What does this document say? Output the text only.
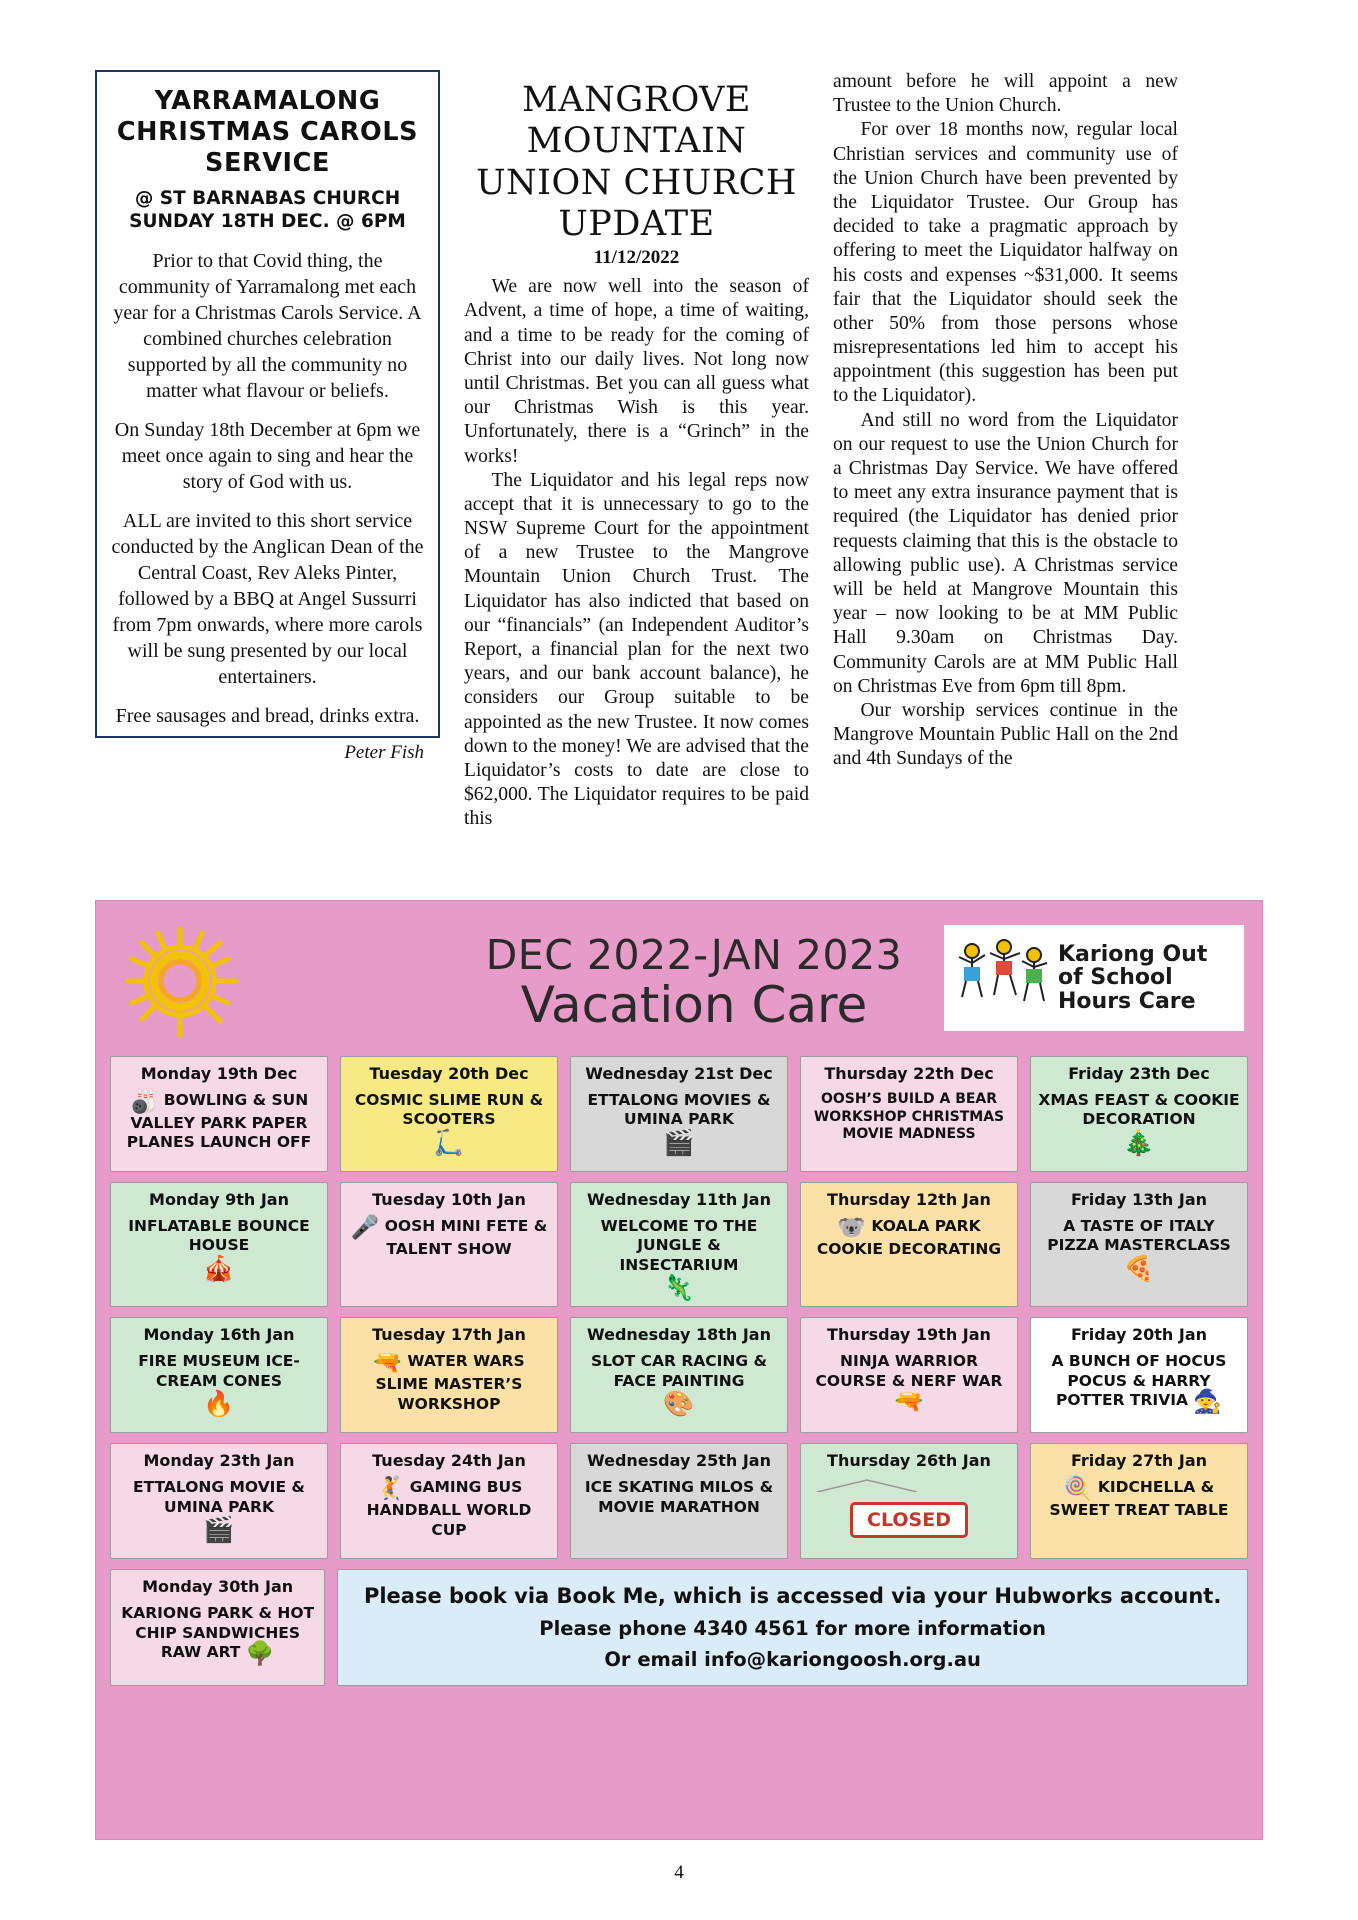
YARRAMALONG CHRISTMAS CAROLS SERVICE
@ ST BARNABAS CHURCH SUNDAY 18TH DEC. @ 6PM

Prior to that Covid thing, the community of Yarramalong met each year for a Christmas Carols Service. A combined churches celebration supported by all the community no matter what flavour or beliefs.

On Sunday 18th December at 6pm we meet once again to sing and hear the story of God with us.

ALL are invited to this short service conducted by the Anglican Dean of the Central Coast, Rev Aleks Pinter, followed by a BBQ at Angel Sussurri from 7pm onwards, where more carols will be sung presented by our local entertainers.

Free sausages and bread, drinks extra.

Peter Fish
MANGROVE MOUNTAIN UNION CHURCH UPDATE
11/12/2022

We are now well into the season of Advent, a time of hope, a time of waiting, and a time to be ready for the coming of Christ into our daily lives. Not long now until Christmas. Bet you can all guess what our Christmas Wish is this year. Unfortunately, there is a “Grinch” in the works!

The Liquidator and his legal reps now accept that it is unnecessary to go to the NSW Supreme Court for the appointment of a new Trustee to the Mangrove Mountain Union Church Trust. The Liquidator has also indicted that based on our “financials” (an Independent Auditor’s Report, a financial plan for the next two years, and our bank account balance), he considers our Group suitable to be appointed as the new Trustee. It now comes down to the money! We are advised that the Liquidator’s costs to date are close to $62,000. The Liquidator requires to be paid this

amount before he will appoint a new Trustee to the Union Church.

For over 18 months now, regular local Christian services and community use of the Union Church have been prevented by the Liquidator Trustee. Our Group has decided to take a pragmatic approach by offering to meet the Liquidator halfway on his costs and expenses ~$31,000. It seems fair that the Liquidator should seek the other 50% from those persons whose misrepresentations led him to accept his appointment (this suggestion has been put to the Liquidator).

And still no word from the Liquidator on our request to use the Union Church for a Christmas Day Service. We have offered to meet any extra insurance payment that is required (the Liquidator has denied prior requests claiming that this is the obstacle to allowing public use). A Christmas service will be held at Mangrove Mountain this year – now looking to be at MM Public Hall 9.30am on Christmas Day. Community Carols are at MM Public Hall on Christmas Eve from 6pm till 8pm.

Our worship services continue in the Mangrove Mountain Public Hall on the 2nd and 4th Sundays of the

DEC 2022-JAN 2023
Vacation Care
Kariong Out of School Hours Care
Monday 19th Dec
🎳 BOWLING & SUN VALLEY PARK PAPER PLANES LAUNCH OFF
Tuesday 20th Dec
COSMIC SLIME RUN & SCOOTERS
🛴
Wednesday 21st Dec
ETTALONG MOVIES & UMINA PARK
🎬
Thursday 22th Dec
OOSH’S BUILD A BEAR WORKSHOP CHRISTMAS MOVIE MADNESS
Friday 23th Dec
XMAS FEAST & COOKIE DECORATION
🎄
Monday 9th Jan
INFLATABLE BOUNCE HOUSE
🎪
Tuesday 10th Jan
🎤 OOSH MINI FETE & TALENT SHOW
Wednesday 11th Jan
WELCOME TO THE JUNGLE & INSECTARIUM
🦎
Thursday 12th Jan
🐨 KOALA PARK COOKIE DECORATING
Friday 13th Jan
A TASTE OF ITALY PIZZA MASTERCLASS
🍕
Monday 16th Jan
FIRE MUSEUM ICE-CREAM CONES
🔥
Tuesday 17th Jan
🔫 WATER WARS SLIME MASTER’S WORKSHOP
Wednesday 18th Jan
SLOT CAR RACING & FACE PAINTING
🎨
Thursday 19th Jan
NINJA WARRIOR COURSE & NERF WAR 🔫
Friday 20th Jan
A BUNCH OF HOCUS POCUS & HARRY POTTER TRIVIA 🧙
Monday 23th Jan
ETTALONG MOVIE & UMINA PARK
🎬
Tuesday 24th Jan
🤾 GAMING BUS HANDBALL WORLD CUP
Wednesday 25th Jan
ICE SKATING MILOS & MOVIE MARATHON
Thursday 26th Jan
CLOSED
Friday 27th Jan
🍭 KIDCHELLA & SWEET TREAT TABLE
Monday 30th Jan
KARIONG PARK & HOT CHIP SANDWICHES RAW ART 🌳
Please book via Book Me, which is accessed via your Hubworks account.
Please phone 4340 4561 for more information
Or email info@kariongoosh.org.au
4
